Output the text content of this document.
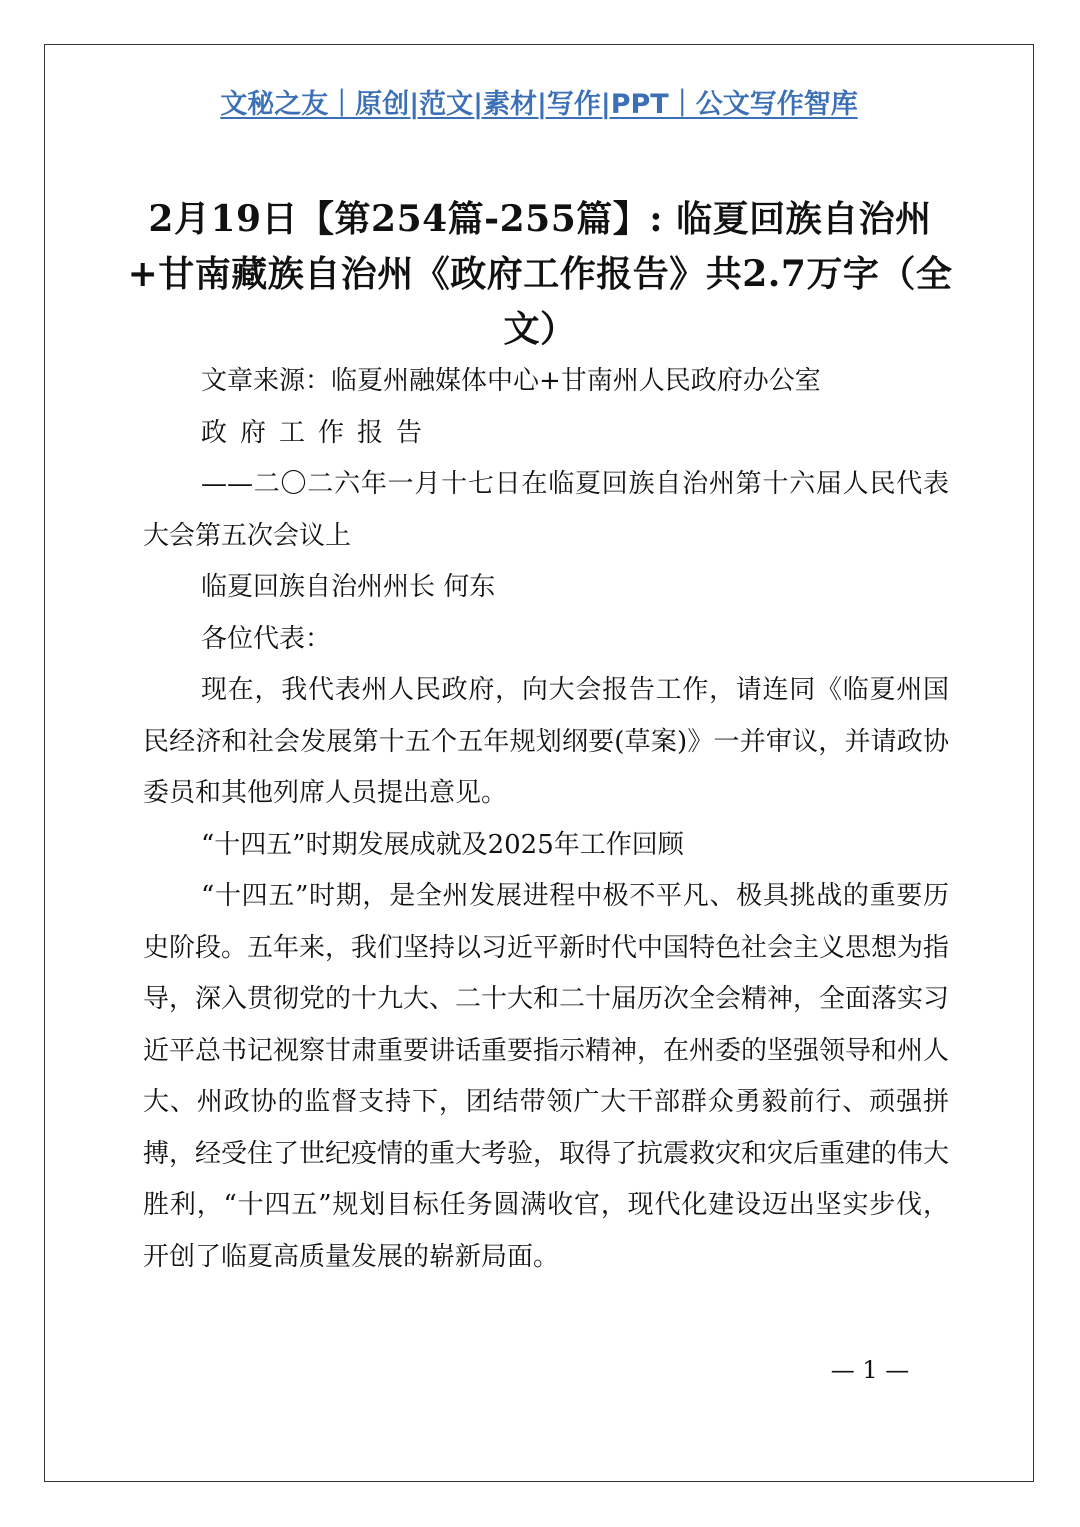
文秘之友｜原创|范文|素材|写作|PPT｜公文写作智库
2月19日【第254篇-255篇】: 临夏回族自治州+甘南藏族自治州《政府工作报告》共2.7万字（全文）

文章来源：临夏州融媒体中心+甘南州人民政府办公室

政府工作报告

——二〇二六年一月十七日在临夏回族自治州第十六届人民代表大会第五次会议上

临夏回族自治州州长 何东

各位代表：

现在，我代表州人民政府，向大会报告工作，请连同《临夏州国民经济和社会发展第十五个五年规划纲要(草案)》一并审议，并请政协委员和其他列席人员提出意见。

“十四五”时期发展成就及2025年工作回顾

“十四五”时期，是全州发展进程中极不平凡、极具挑战的重要历史阶段。五年来，我们坚持以习近平新时代中国特色社会主义思想为指导，深入贯彻党的十九大、二十大和二十届历次全会精神，全面落实习近平总书记视察甘肃重要讲话重要指示精神，在州委的坚强领导和州人大、州政协的监督支持下，团结带领广大干部群众勇毅前行、顽强拼搏，经受住了世纪疫情的重大考验，取得了抗震救灾和灾后重建的伟大胜利，“十四五”规划目标任务圆满收官，现代化建设迈出坚实步伐，开创了临夏高质量发展的崭新局面。

— 1 —
